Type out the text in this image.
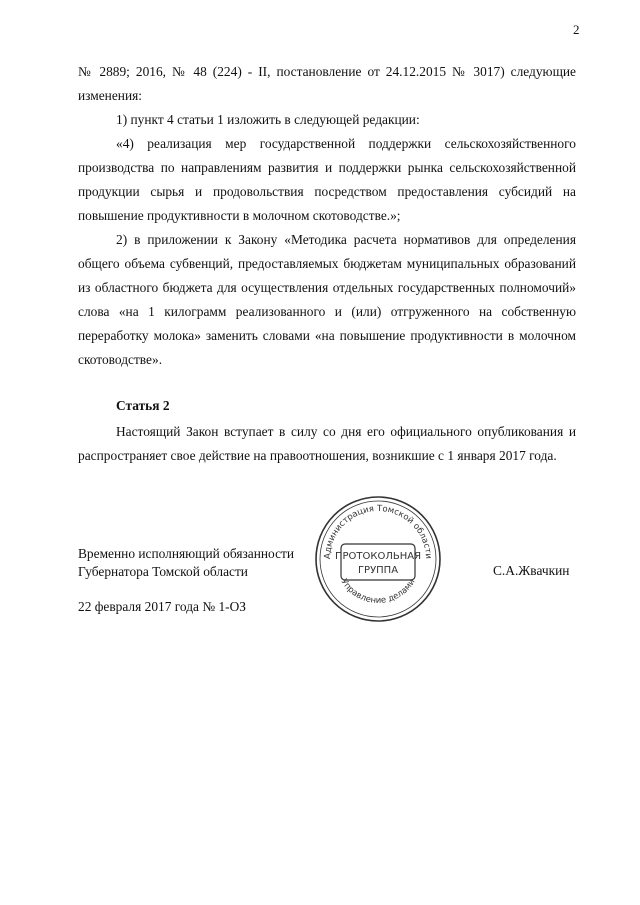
2

№ 2889; 2016, № 48 (224) - II, постановление от 24.12.2015 № 3017) следующие изменения:

1) пункт 4 статьи 1 изложить в следующей редакции:

«4) реализация мер государственной поддержки сельскохозяйственного производства по направлениям развития и поддержки рынка сельскохозяйственной продукции сырья и продовольствия посредством предоставления субсидий на повышение продуктивности в молочном скотоводстве.»;

2) в приложении к Закону «Методика расчета нормативов для определения общего объема субвенций, предоставляемых бюджетам муниципальных образований из областного бюджета для осуществления отдельных государственных полномочий» слова «на 1 килограмм реализованного и (или) отгруженного на собственную переработку молока» заменить словами «на повышение продуктивности в молочном скотоводстве».

Статья 2

Настоящий Закон вступает в силу со дня его официального опубликования и распространяет свое действие на правоотношения, возникшие с 1 января 2017 года.

Временно исполняющий обязанности
Губернатора Томской области
Администрация Томской области
Управление делами
ПРОТОКОЛЬНАЯ
ГРУППА	С.А.Жвачкин
22 февраля 2017 года № 1-ОЗ
